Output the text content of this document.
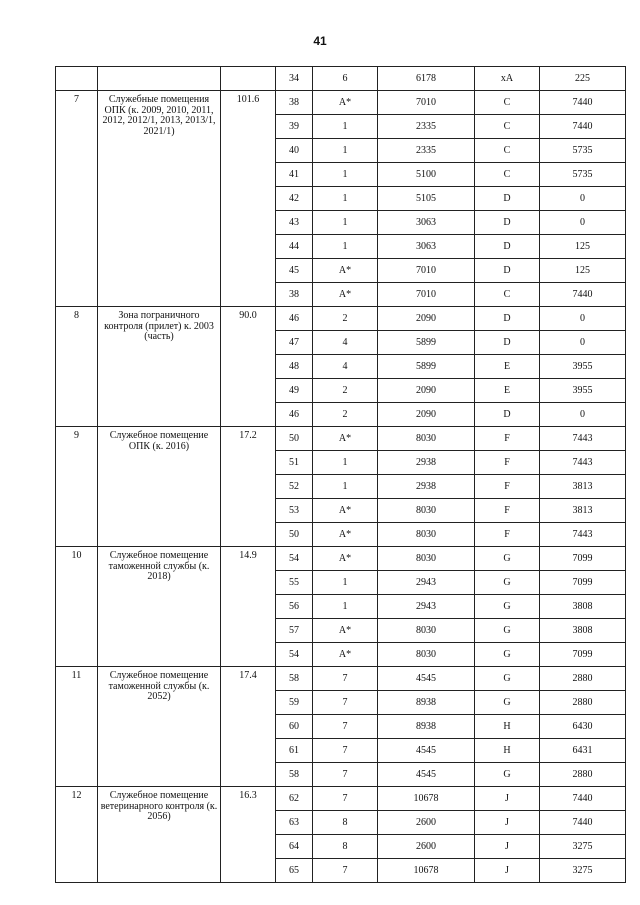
41
			34	6	6178	xA	225
7	Служебные помещения ОПК (к. 2009, 2010, 2011, 2012, 2012/1, 2013, 2013/1, 2021/1)	101.6	38	A*	7010	C	7440
			39	1	2335	C	7440
			40	1	2335	C	5735
			41	1	5100	C	5735
			42	1	5105	D	0
			43	1	3063	D	0
			44	1	3063	D	125
			45	A*	7010	D	125
			38	A*	7010	C	7440
8	Зона пограничного контроля (прилет) к. 2003 (часть)	90.0	46	2	2090	D	0
			47	4	5899	D	0
			48	4	5899	E	3955
			49	2	2090	E	3955
			46	2	2090	D	0
9	Служебное помещение ОПК (к. 2016)	17.2	50	A*	8030	F	7443
			51	1	2938	F	7443
			52	1	2938	F	3813
			53	A*	8030	F	3813
			50	A*	8030	F	7443
10	Служебное помещение таможенной службы (к. 2018)	14.9	54	A*	8030	G	7099
			55	1	2943	G	7099
			56	1	2943	G	3808
			57	A*	8030	G	3808
			54	A*	8030	G	7099
11	Служебное помещение таможенной службы (к. 2052)	17.4	58	7	4545	G	2880
			59	7	8938	G	2880
			60	7	8938	H	6430
			61	7	4545	H	6431
			58	7	4545	G	2880
12	Служебное помещение ветеринарного контроля (к. 2056)	16.3	62	7	10678	J	7440
			63	8	2600	J	7440
			64	8	2600	J	3275
			65	7	10678	J	3275
